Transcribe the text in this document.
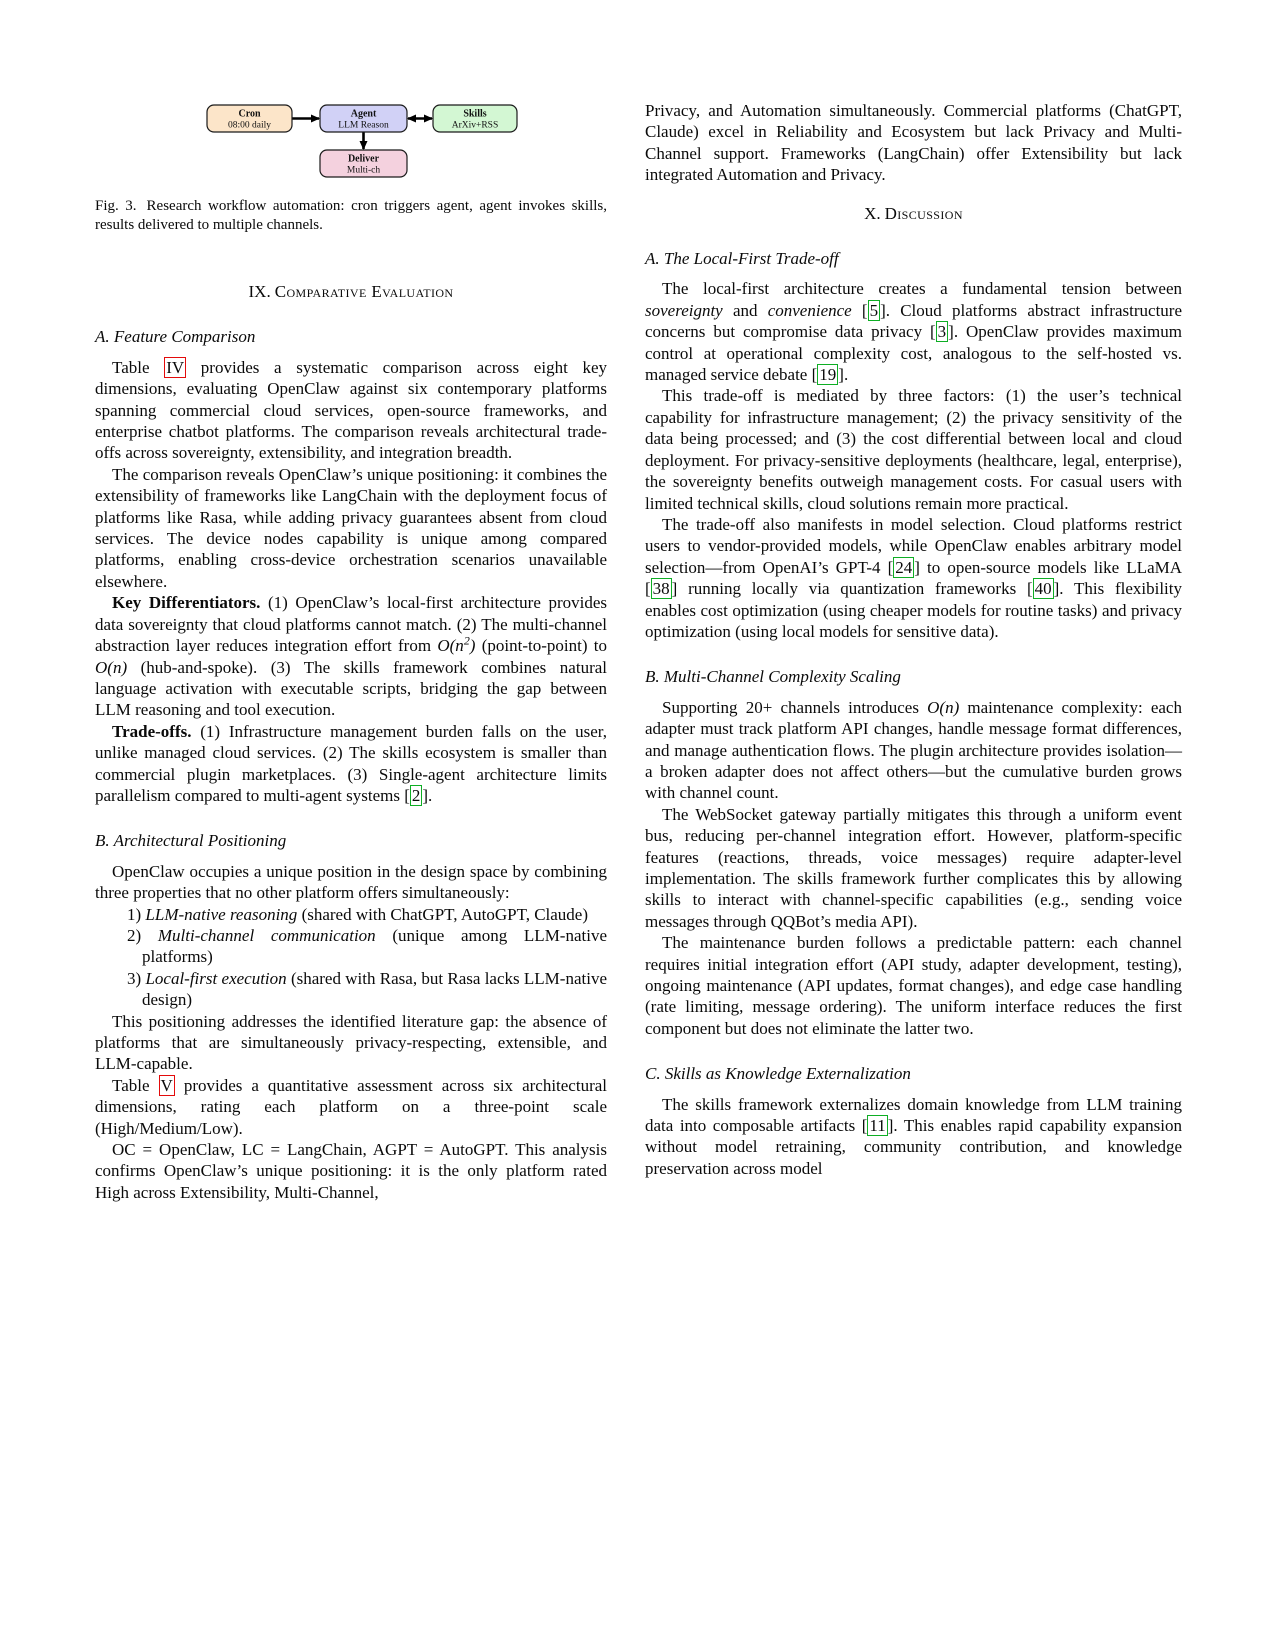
Cron
08:00 daily
Agent
LLM Reason
Skills
ArXiv+RSS
Deliver
Multi-ch
Fig. 3. Research workflow automation: cron triggers agent, agent invokes skills, results delivered to multiple channels.
IX. Comparative Evaluation
A. Feature Comparison

Table IV provides a systematic comparison across eight key dimensions, evaluating OpenClaw against six contemporary platforms spanning commercial cloud services, open-source frameworks, and enterprise chatbot platforms. The comparison reveals architectural trade-offs across sovereignty, extensibility, and integration breadth.

The comparison reveals OpenClaw’s unique positioning: it combines the extensibility of frameworks like LangChain with the deployment focus of platforms like Rasa, while adding privacy guarantees absent from cloud services. The device nodes capability is unique among compared platforms, enabling cross-device orchestration scenarios unavailable elsewhere.

Key Differentiators. (1) OpenClaw’s local-first architecture provides data sovereignty that cloud platforms cannot match. (2) The multi-channel abstraction layer reduces integration effort from $O(n^2)$ (point-to-point) to O(n) (hub-and-spoke). (3) The skills framework combines natural language activation with executable scripts, bridging the gap between LLM reasoning and tool execution.

Trade-offs. (1) Infrastructure management burden falls on the user, unlike managed cloud services. (2) The skills ecosystem is smaller than commercial plugin marketplaces. (3) Single-agent architecture limits parallelism compared to multi-agent systems [ 2 ].

B. Architectural Positioning

OpenClaw occupies a unique position in the design space by combining three properties that no other platform offers simultaneously:

1) LLM-native reasoning (shared with ChatGPT, AutoGPT, Claude)
2) Multi-channel communication (unique among LLM-native platforms)
3) Local-first execution (shared with Rasa, but Rasa lacks LLM-native design)

This positioning addresses the identified literature gap: the absence of platforms that are simultaneously privacy-respecting, extensible, and LLM-capable.

Table V provides a quantitative assessment across six architectural dimensions, rating each platform on a three-point scale (High/Medium/Low).

OC = OpenClaw, LC = LangChain, AGPT = AutoGPT. This analysis confirms OpenClaw’s unique positioning: it is the only platform rated High across Extensibility, Multi-Channel,

Privacy, and Automation simultaneously. Commercial platforms (ChatGPT, Claude) excel in Reliability and Ecosystem but lack Privacy and Multi-Channel support. Frameworks (LangChain) offer Extensibility but lack integrated Automation and Privacy.

X. Discussion
A. The Local-First Trade-off

The local-first architecture creates a fundamental tension between sovereignty and convenience [ 5 ]. Cloud platforms abstract infrastructure concerns but compromise data privacy [ 3 ]. OpenClaw provides maximum control at operational complexity cost, analogous to the self-hosted vs. managed service debate [ 19 ].

This trade-off is mediated by three factors: (1) the user’s technical capability for infrastructure management; (2) the privacy sensitivity of the data being processed; and (3) the cost differential between local and cloud deployment. For privacy-sensitive deployments (healthcare, legal, enterprise), the sovereignty benefits outweigh management costs. For casual users with limited technical skills, cloud solutions remain more practical.

The trade-off also manifests in model selection. Cloud platforms restrict users to vendor-provided models, while OpenClaw enables arbitrary model selection—from OpenAI’s GPT-4 [ 24 ] to open-source models like LLaMA [ 38 ] running locally via quantization frameworks [ 40 ]. This flexibility enables cost optimization (using cheaper models for routine tasks) and privacy optimization (using local models for sensitive data).

B. Multi-Channel Complexity Scaling

Supporting 20+ channels introduces O(n) maintenance complexity: each adapter must track platform API changes, handle message format differences, and manage authentication flows. The plugin architecture provides isolation—a broken adapter does not affect others—but the cumulative burden grows with channel count.

The WebSocket gateway partially mitigates this through a uniform event bus, reducing per-channel integration effort. However, platform-specific features (reactions, threads, voice messages) require adapter-level implementation. The skills framework further complicates this by allowing skills to interact with channel-specific capabilities (e.g., sending voice messages through QQBot’s media API).

The maintenance burden follows a predictable pattern: each channel requires initial integration effort (API study, adapter development, testing), ongoing maintenance (API updates, format changes), and edge case handling (rate limiting, message ordering). The uniform interface reduces the first component but does not eliminate the latter two.

C. Skills as Knowledge Externalization

The skills framework externalizes domain knowledge from LLM training data into composable artifacts [ 11 ]. This enables rapid capability expansion without model retraining, community contribution, and knowledge preservation across model
